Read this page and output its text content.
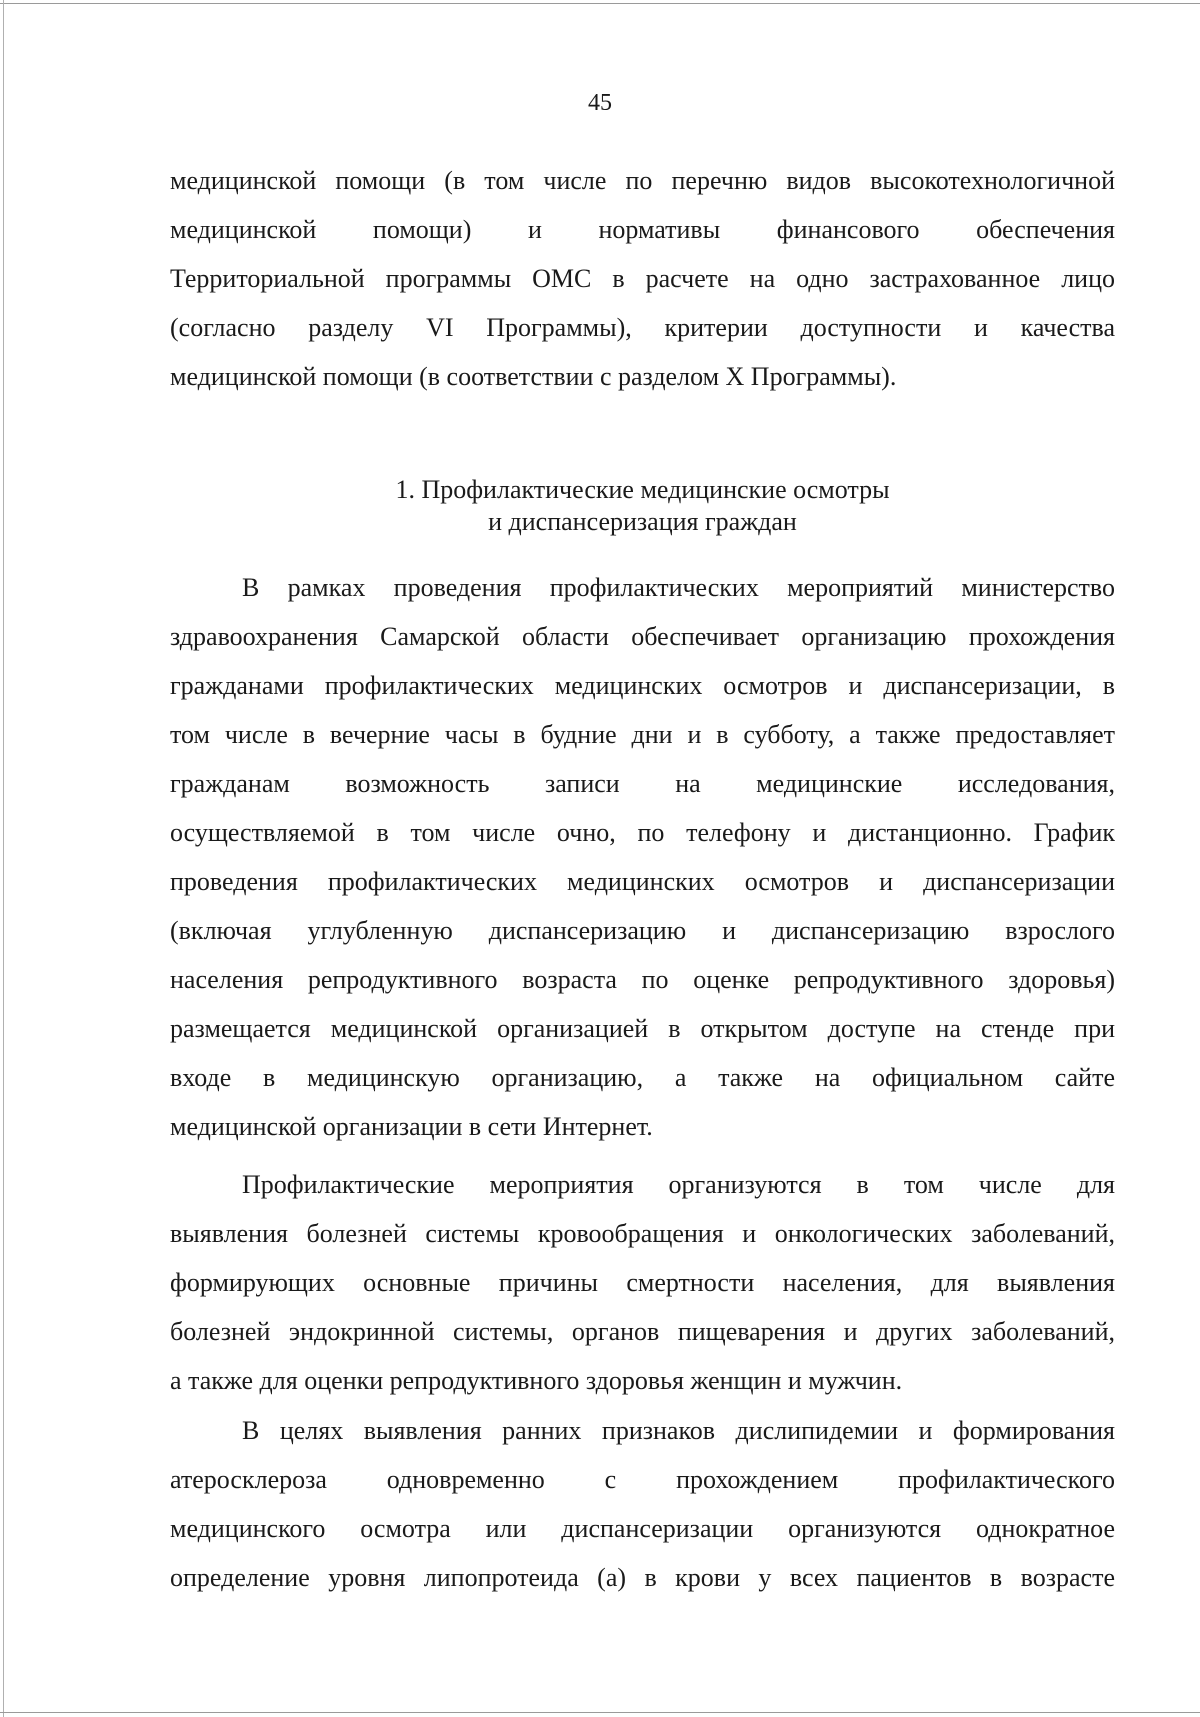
45
медицинской помощи (в том числе по перечню видов высокотехнологичной
медицинской помощи) и нормативы финансового обеспечения
Территориальной программы ОМС в расчете на одно застрахованное лицо
(согласно разделу VI Программы), критерии доступности и качества
медицинской помощи (в соответствии с разделом X Программы).
1. Профилактические медицинские осмотры
и диспансеризация граждан
В рамках проведения профилактических мероприятий министерство
здравоохранения Самарской области обеспечивает организацию прохождения
гражданами профилактических медицинских осмотров и диспансеризации, в
том числе в вечерние часы в будние дни и в субботу, а также предоставляет
гражданам возможность записи на медицинские исследования,
осуществляемой в том числе очно, по телефону и дистанционно. График
проведения профилактических медицинских осмотров и диспансеризации
(включая углубленную диспансеризацию и диспансеризацию взрослого
населения репродуктивного возраста по оценке репродуктивного здоровья)
размещается медицинской организацией в открытом доступе на стенде при
входе в медицинскую организацию, а также на официальном сайте
медицинской организации в сети Интернет.
Профилактические мероприятия организуются в том числе для
выявления болезней системы кровообращения и онкологических заболеваний,
формирующих основные причины смертности населения, для выявления
болезней эндокринной системы, органов пищеварения и других заболеваний,
а также для оценки репродуктивного здоровья женщин и мужчин.
В целях выявления ранних признаков дислипидемии и формирования
атеросклероза одновременно с прохождением профилактического
медицинского осмотра или диспансеризации организуются однократное
определение уровня липопротеида (а) в крови у всех пациентов в возрасте
